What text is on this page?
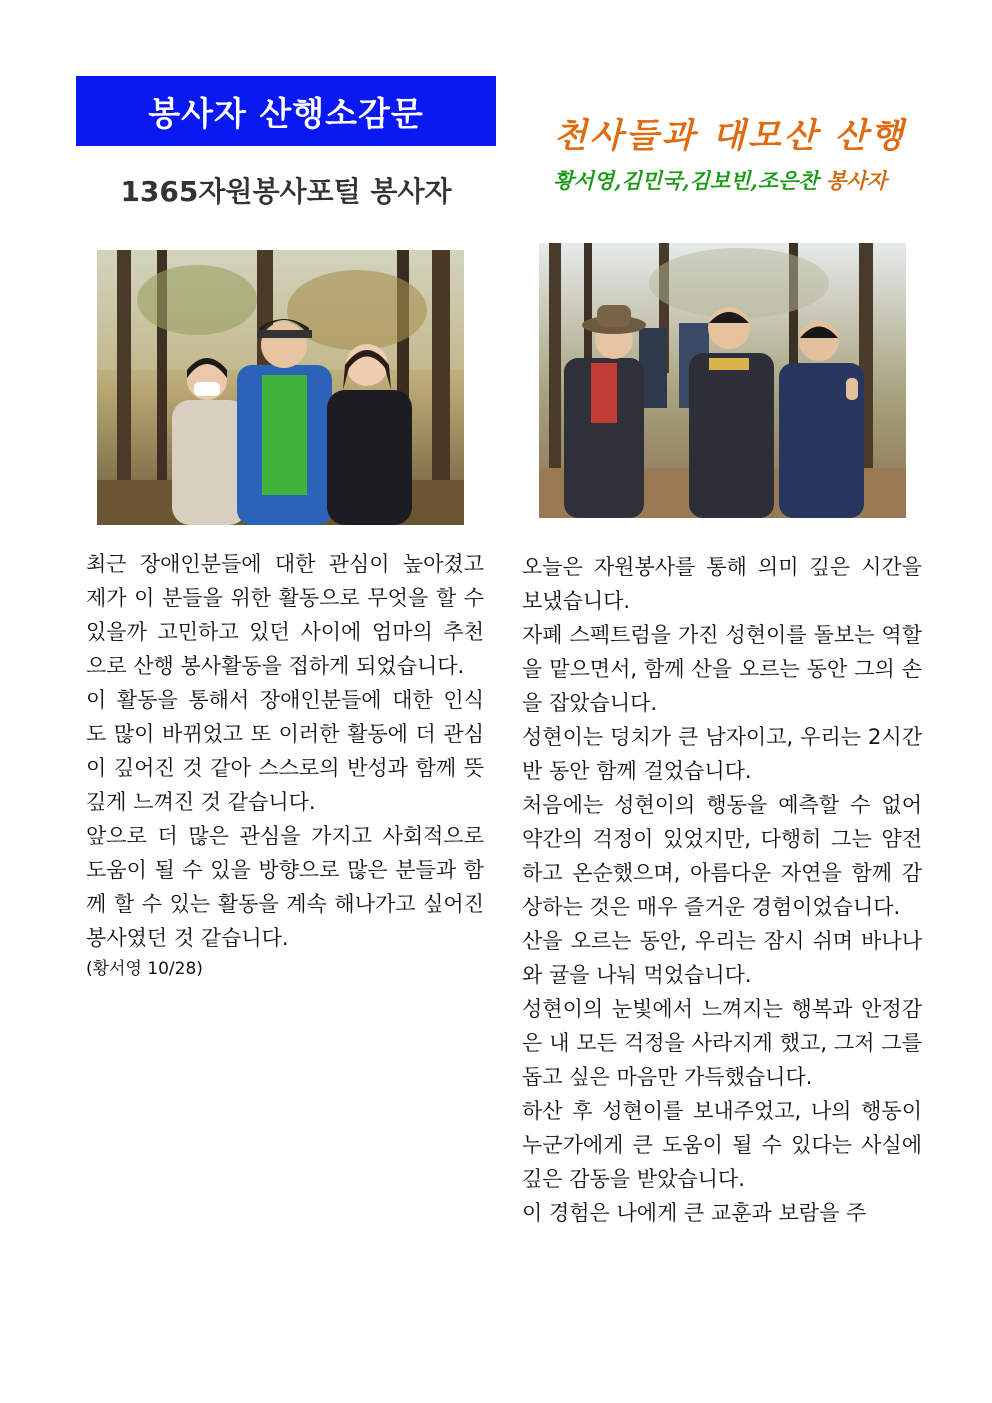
봉사자 산행소감문
1365자원봉사포털 봉사자
천사들과 대모산 산행
황서영,김민국,김보빈,조은찬 봉사자

최근 장애인분들에 대한 관심이 높아졌고 제가 이 분들을 위한 활동으로 무엇을 할 수 있을까 고민하고 있던 사이에 엄마의 추천으로 산행 봉사활동을 접하게 되었습니다.

이 활동을 통해서 장애인분들에 대한 인식도 많이 바뀌었고 또 이러한 활동에 더 관심이 깊어진 것 같아 스스로의 반성과 함께 뜻깊게 느껴진 것 같습니다.

앞으로 더 많은 관심을 가지고 사회적으로 도움이 될 수 있을 방향으로 많은 분들과 함께 할 수 있는 활동을 계속 해나가고 싶어진 봉사였던 것 같습니다.

(황서영 10/28)

오늘은 자원봉사를 통해 의미 깊은 시간을 보냈습니다.

자폐 스펙트럼을 가진 성현이를 돌보는 역할을 맡으면서, 함께 산을 오르는 동안 그의 손을 잡았습니다.

성현이는 덩치가 큰 남자이고, 우리는 2시간 반 동안 함께 걸었습니다.

처음에는 성현이의 행동을 예측할 수 없어 약간의 걱정이 있었지만, 다행히 그는 얌전하고 온순했으며, 아름다운 자연을 함께 감상하는 것은 매우 즐거운 경험이었습니다.

산을 오르는 동안, 우리는 잠시 쉬며 바나나와 귤을 나눠 먹었습니다.

성현이의 눈빛에서 느껴지는 행복과 안정감은 내 모든 걱정을 사라지게 했고, 그저 그를 돕고 싶은 마음만 가득했습니다.

하산 후 성현이를 보내주었고, 나의 행동이 누군가에게 큰 도움이 될 수 있다는 사실에 깊은 감동을 받았습니다.

이 경험은 나에게 큰 교훈과 보람을 주
